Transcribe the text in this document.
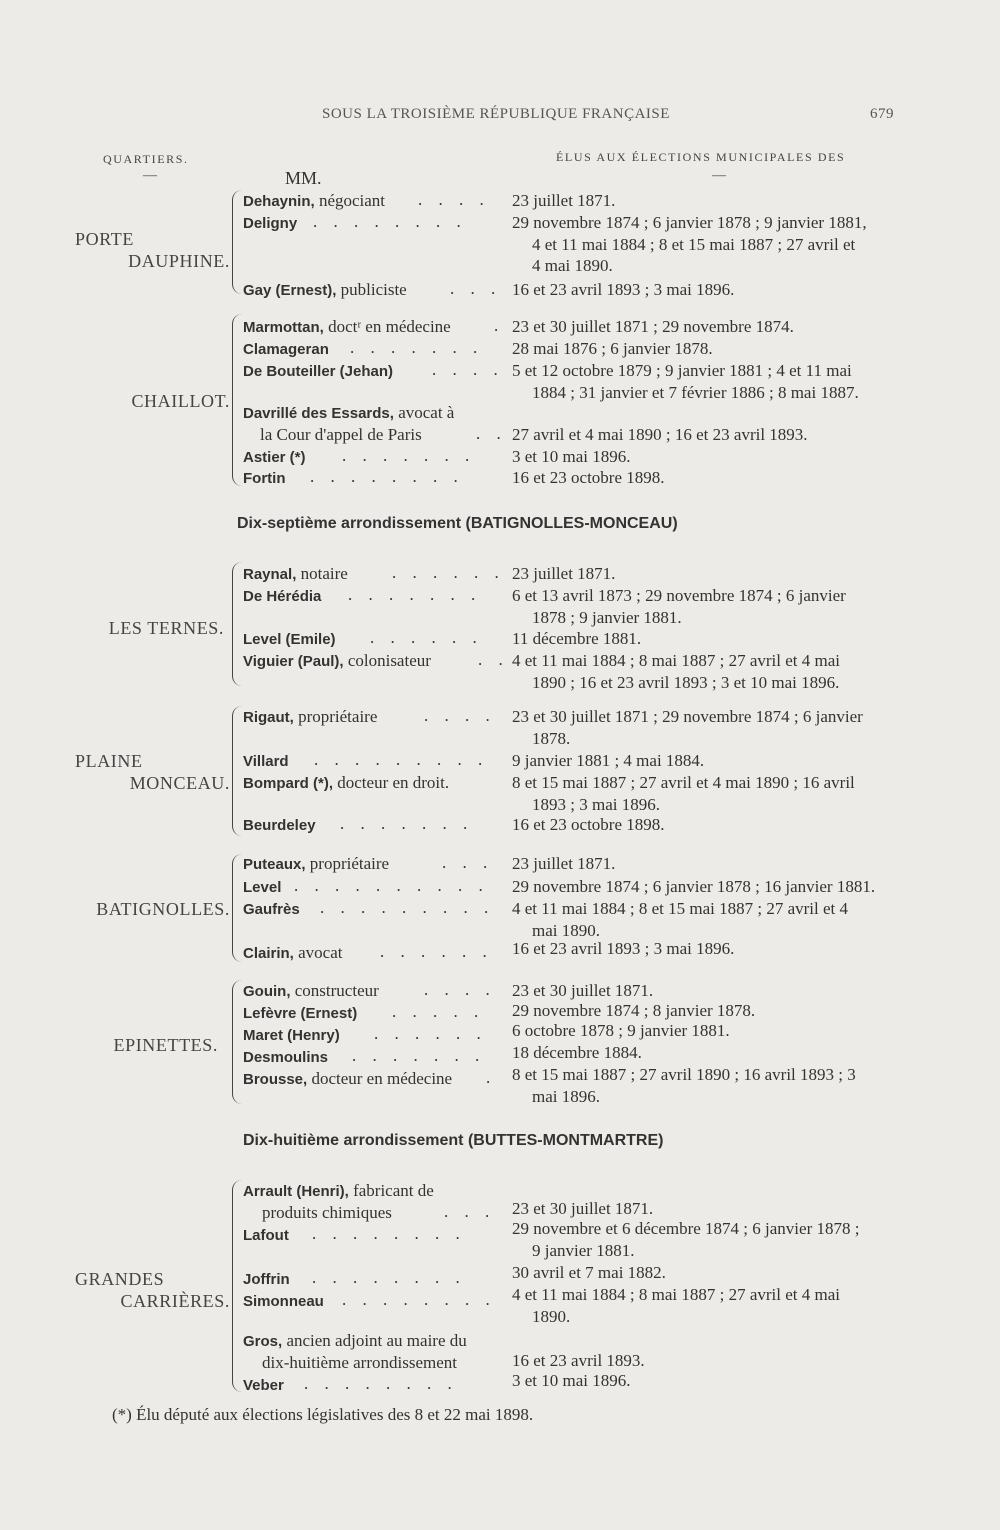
SOUS LA TROISIÈME RÉPUBLIQUE FRANÇAISE	679
QUARTIERS.	ÉLUS AUX ÉLECTIONS MUNICIPALES DES
—	—
MM.
PORTE
DAUPHINE.
Dehaynin, négociant . . . . 23 juillet 1871.
Deligny . . . . . . . .	29 novembre 1874 ; 6 janvier 1878 ; 9 janvier 1881,
4 et 11 mai 1884 ; 8 et 15 mai 1887 ; 27 avril et
4 mai 1890.
Gay (Ernest), publiciste	. . . 16 et 23 avril 1893 ; 3 mai 1896.
CHAILLOT.
Marmottan, doctʳ en médecine	. 23 et 30 juillet 1871 ; 29 novembre 1874.
Clamageran . . . . . . . 28 mai 1876 ; 6 janvier 1878.
De Bouteiller (Jehan) . . . . 5 et 12 octobre 1879 ; 9 janvier 1881 ; 4 et 11 mai
1884 ; 31 janvier et 7 février 1886 ; 8 mai 1887.
Davrillé des Essards, avocat à
la Cour d'appel de Paris	. . 27 avril et 4 mai 1890 ; 16 et 23 avril 1893.
Astier (*) . . . . . . . 3 et 10 mai 1896.
Fortin . . . . . . . .	16 et 23 octobre 1898.
Dix-septième arrondissement (BATIGNOLLES-MONCEAU)
LES TERNES.
Raynal, notaire	. . . . . . 23 juillet 1871.
De Hérédia . . . . . . . 6 et 13 avril 1873 ; 29 novembre 1874 ; 6 janvier
1878 ; 9 janvier 1881.
Level (Emile) . . . . . . 11 décembre 1881.
Viguier (Paul), colonisateur	. . 4 et 11 mai 1884 ; 8 mai 1887 ; 27 avril et 4 mai
1890 ; 16 et 23 avril 1893 ; 3 et 10 mai 1896.
PLAINE
MONCEAU.
Rigaut, propriétaire	. . . . 23 et 30 juillet 1871 ; 29 novembre 1874 ; 6 janvier
1878.
Villard . . . . . . . . . 9 janvier 1881 ; 4 mai 1884.
Bompard (*), docteur en droit.	8 et 15 mai 1887 ; 27 avril et 4 mai 1890 ; 16 avril
1893 ; 3 mai 1896.
Beurdeley . . . . . . . 16 et 23 octobre 1898.
BATIGNOLLES.
Puteaux, propriétaire	. . . 23 juillet 1871.
Level . . . . . . . . . . 29 novembre 1874 ; 6 janvier 1878 ; 16 janvier 1881.
Gaufrès . . . . . . . . . 4 et 11 mai 1884 ; 8 et 15 mai 1887 ; 27 avril et 4
mai 1890.
Clairin, avocat . . . . . . 16 et 23 avril 1893 ; 3 mai 1896.
EPINETTES.
Gouin, constructeur	. . . . 23 et 30 juillet 1871.
Lefèvre (Ernest) . . . . . 29 novembre 1874 ; 8 janvier 1878.
Maret (Henry) . . . . . . 6 octobre 1878 ; 9 janvier 1881.
Desmoulins . . . . . . . 18 décembre 1884.
Brousse, docteur en médecine . 8 et 15 mai 1887 ; 27 avril 1890 ; 16 avril 1893 ; 3
mai 1896.
Dix-huitième arrondissement (BUTTES-MONTMARTRE)
GRANDES
CARRIÈRES.
Arrault (Henri), fabricant de
produits chimiques	. . . 23 et 30 juillet 1871.
Lafout . . . . . . . .	29 novembre et 6 décembre 1874 ; 6 janvier 1878 ;
9 janvier 1881.
Joffrin . . . . . . . .	30 avril et 7 mai 1882.
Simonneau . . . . . . . . 4 et 11 mai 1884 ; 8 mai 1887 ; 27 avril et 4 mai
1890.
Gros, ancien adjoint au maire du
dix-huitième arrondissement	16 et 23 avril 1893.
Veber . . . . . . . .	3 et 10 mai 1896.
(*) Élu député aux élections législatives des 8 et 22 mai 1898.
